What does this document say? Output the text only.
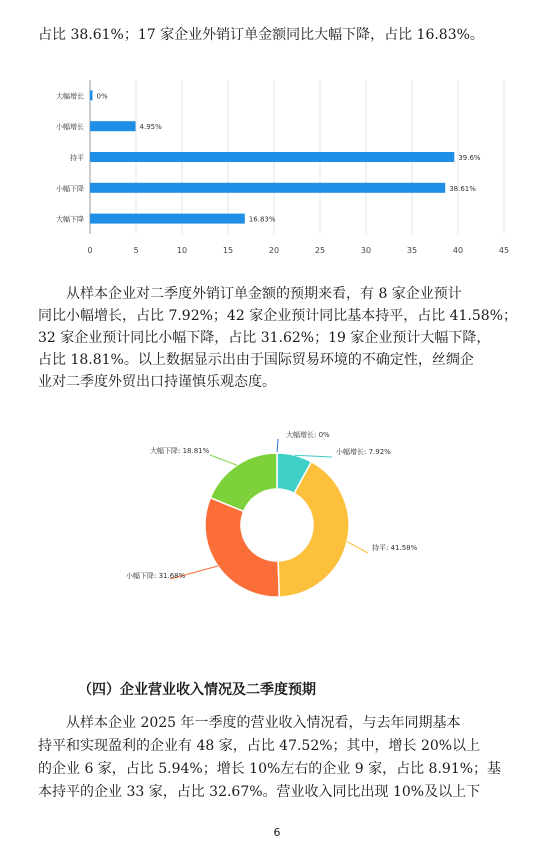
占比 38.61%；17 家企业外销订单金额同比大幅下降，占比 16.83%。

0	5	10	15	20	25	30	35	40	45
大幅增长 0%
小幅增长	4.95%
持平	39.6%
小幅下降	38.61%
大幅下降	16.83%

从样本企业对二季度外销订单金额的预期来看，有 8 家企业预计
同比小幅增长，占比 7.92%；42 家企业预计同比基本持平，占比 41.58%；
32 家企业预计同比小幅下降，占比 31.62%；19 家企业预计大幅下降，
占比 18.81%。以上数据显示出由于国际贸易环境的不确定性，丝绸企
业对二季度外贸出口持谨慎乐观态度。

大幅增长: 0%
小幅增长: 7.92%
持平: 41.58%
小幅下降: 31.68%
大幅下降: 18.81%

（四）企业营业收入情况及二季度预期

从样本企业 2025 年一季度的营业收入情况看，与去年同期基本
持平和实现盈利的企业有 48 家，占比 47.52%；其中，增长 20%以上
的企业 6 家，占比 5.94%；增长 10%左右的企业 9 家，占比 8.91%；基
本持平的企业 33 家，占比 32.67%。营业收入同比出现 10%及以上下

6
